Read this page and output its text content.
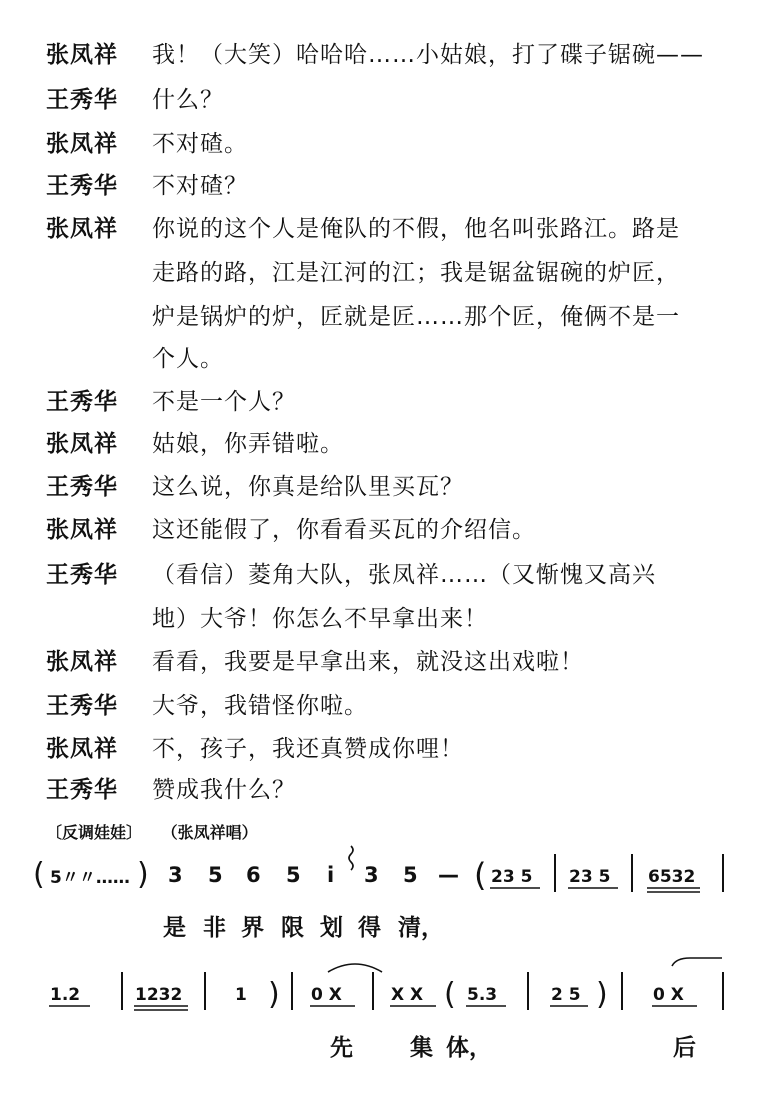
张凤祥 我！（大笑）哈哈哈……小姑娘，打了碟子锯碗——
王秀华 什么？
张凤祥 不对碴。
王秀华 不对碴？
张凤祥 你说的这个人是俺队的不假，他名叫张路江。路是
走路的路，江是江河的江；我是锯盆锯碗的炉匠，
炉是锅炉的炉，匠就是匠……那个匠，俺俩不是一
个人。
王秀华 不是一个人？
张凤祥 姑娘，你弄错啦。
王秀华 这么说，你真是给队里买瓦？
张凤祥 这还能假了，你看看买瓦的介绍信。
王秀华 （看信）菱角大队，张凤祥……（又惭愧又高兴
地）大爷！你怎么不早拿出来！
张凤祥 看看，我要是早拿出来，就没这出戏啦！
王秀华 大爷，我错怪你啦。
张凤祥 不，孩子，我还真赞成你哩！
王秀华 赞成我什么？
〔反调娃娃〕 （张凤祥唱）
( 5〃〃…… ) 3 5 6 5 i 3 5 — ( 23 5 23 5 6532
是 非 界 限 划 得 清，
1.2	1232	1 ) 0 X	X X ( 5.3	2 5 )	0 X
先 集 体，	后
